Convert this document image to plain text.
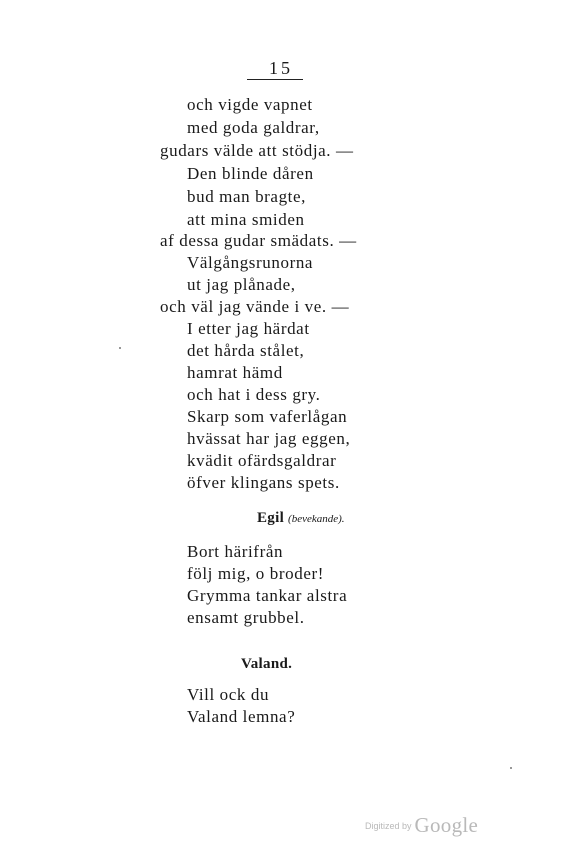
15
och vigde vapnet
med goda galdrar,
gudars välde att stödja. —
Den blinde dåren
bud man bragte,
att mina smiden
af dessa gudar smädats. —
Välgångsrunorna
ut jag plånade,
och väl jag vände i ve. —
I etter jag härdat
det hårda stålet,
hamrat hämd
och hat i dess gry.
Skarp som vaferlågan
hvässat har jag eggen,
kvädit ofärdsgaldrar
öfver klingans spets.
Egil (bevekande).
Bort härifrån
följ mig, o broder!
Grymma tankar alstra
ensamt grubbel.
Valand.
Vill ock du
Valand lemna?
Digitized by Google
